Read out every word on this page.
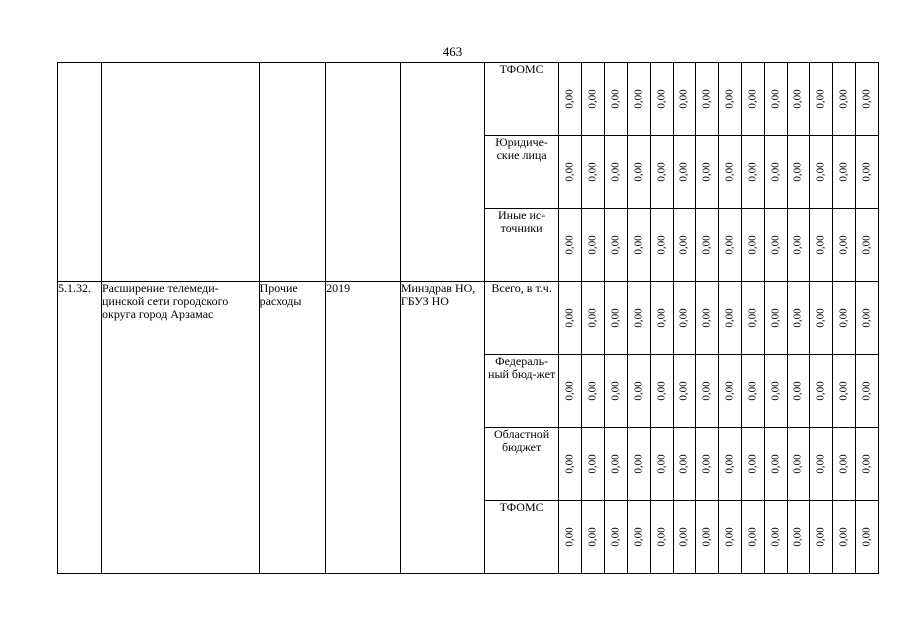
463
					ТФОМС	0,00	0,00	0,00	0,00	0,00	0,00	0,00	0,00	0,00	0,00	0,00	0,00	0,00	0,00

					Юридиче-ские лица	0,00	0,00	0,00	0,00	0,00	0,00	0,00	0,00	0,00	0,00	0,00	0,00	0,00	0,00

					Иные ис-точники	0,00	0,00	0,00	0,00	0,00	0,00	0,00	0,00	0,00	0,00	0,00	0,00	0,00	0,00

5.1.32.	Расширение телемеди-цинской сети городского округа город Арзамас	Прочие расходы	2019	Минздрав НО, ГБУЗ НО	Всего, в т.ч.	0,00	0,00	0,00	0,00	0,00	0,00	0,00	0,00	0,00	0,00	0,00	0,00	0,00	0,00

					Федераль-ный бюд-жет	0,00	0,00	0,00	0,00	0,00	0,00	0,00	0,00	0,00	0,00	0,00	0,00	0,00	0,00

					Областной бюджет	0,00	0,00	0,00	0,00	0,00	0,00	0,00	0,00	0,00	0,00	0,00	0,00	0,00	0,00

					ТФОМС	0,00	0,00	0,00	0,00	0,00	0,00	0,00	0,00	0,00	0,00	0,00	0,00	0,00	0,00
